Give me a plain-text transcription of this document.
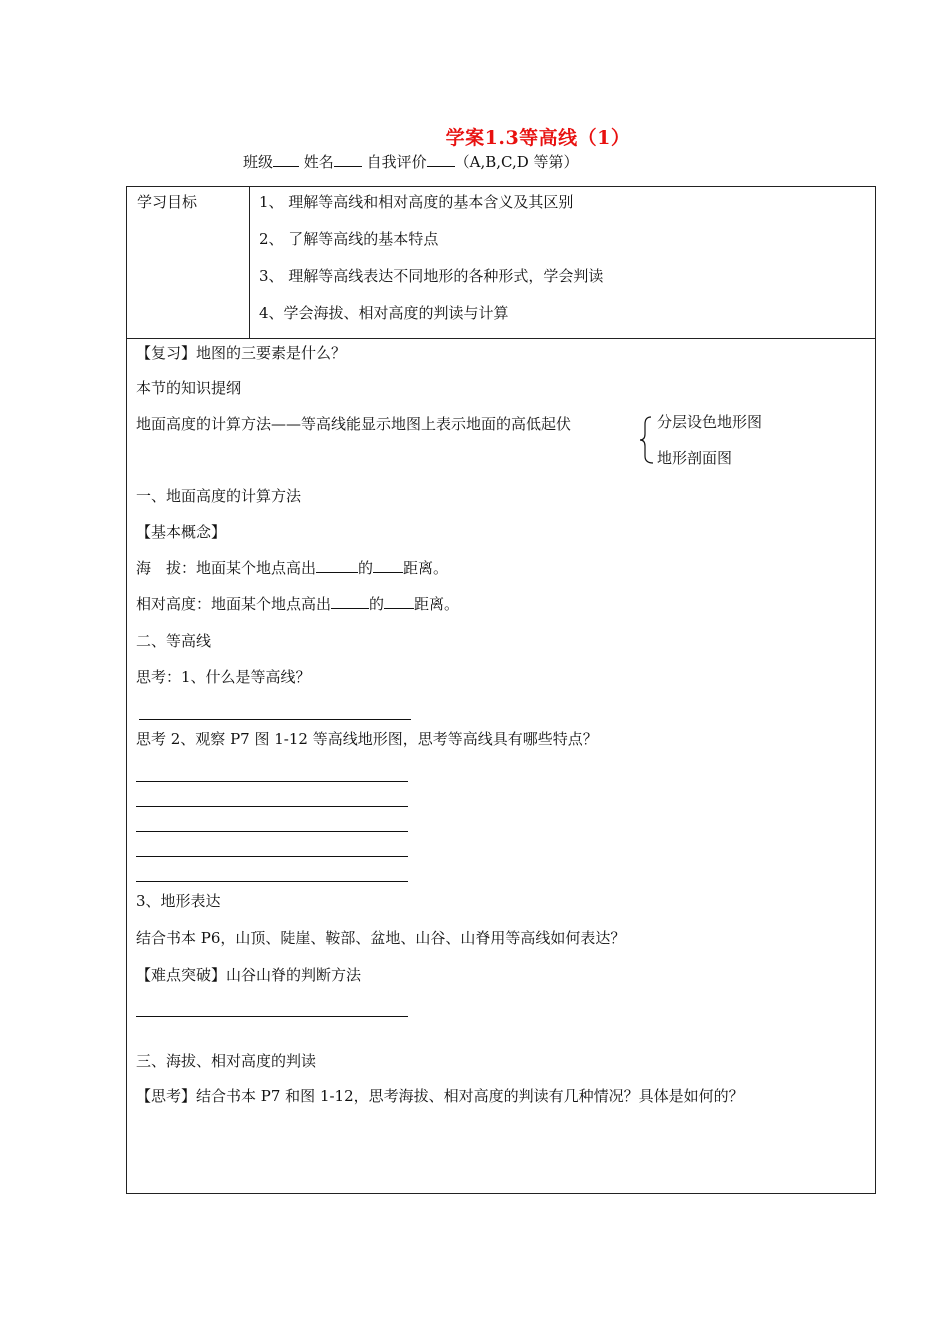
学案1.3等高线（1）
班级 姓名 自我评价 （A,B,C,D 等第）
学习目标	1、 理解等高线和相对高度的基本含义及其区别
2、 了解等高线的基本特点
3、 理解等高线表达不同地形的各种形式，学会判读
4、学会海拔、相对高度的判读与计算
【复习】地图的三要素是什么？
本节的知识提纲
地面高度的计算方法——等高线能显示地图上表示地面的高低起伏	分层设色地形图
地形剖面图
一、地面高度的计算方法
【基本概念】
海　拔：地面某个地点高出	的 距离。
相对高度：地面某个地点高出	的 距离。
二、等高线
思考：1、什么是等高线？
思考 2、观察 P7 图 1-12 等高线地形图，思考等高线具有哪些特点？
3、地形表达
结合书本 P6，山顶、陡崖、鞍部、盆地、山谷、山脊用等高线如何表达？
【难点突破】山谷山脊的判断方法
三、海拔、相对高度的判读
【思考】结合书本 P7 和图 1-12，思考海拔、相对高度的判读有几种情况？具体是如何的？
